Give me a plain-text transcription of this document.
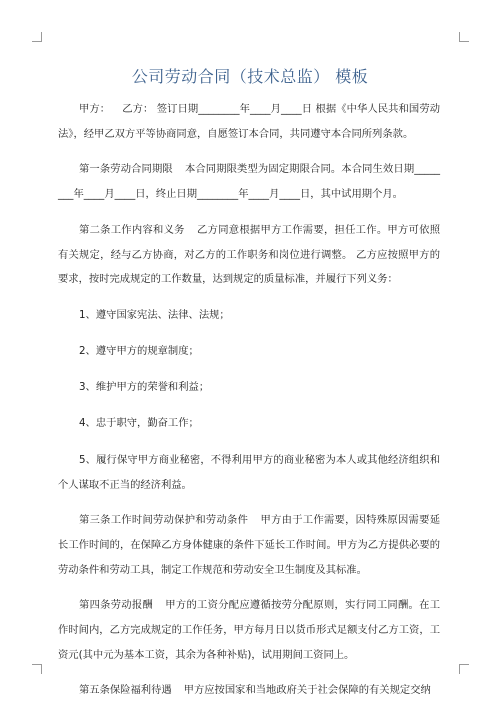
公司劳动合同（技术总监） 模板

甲方： 乙方： 签订日期________年____月____日 根据《中华人民共和国劳动法》，经甲乙双方平等协商同意，自愿签订本合同，共同遵守本合同所列条款。

第一条劳动合同期限 本合同期限类型为固定期限合同。本合同生效日期________年____月____日，终止日期________年____月____日，其中试用期个月。

第二条工作内容和义务 乙方同意根据甲方工作需要，担任工作。甲方可依照有关规定，经与乙方协商，对乙方的工作职务和岗位进行调整。 乙方应按照甲方的要求，按时完成规定的工作数量，达到规定的质量标准，并履行下列义务：

1、遵守国家宪法、法律、法规；

2、遵守甲方的规章制度；

3、维护甲方的荣誉和利益；

4、忠于职守，勤奋工作；

5、履行保守甲方商业秘密，不得利用甲方的商业秘密为本人或其他经济组织和个人谋取不正当的经济利益。

第三条工作时间劳动保护和劳动条件 甲方由于工作需要，因特殊原因需要延长工作时间的，在保障乙方身体健康的条件下延长工作时间。甲方为乙方提供必要的劳动条件和劳动工具，制定工作规范和劳动安全卫生制度及其标准。

第四条劳动报酬 甲方的工资分配应遵循按劳分配原则，实行同工同酬。在工作时间内，乙方完成规定的工作任务，甲方每月日以货币形式足额支付乙方工资，工资元(其中元为基本工资，其余为各种补贴)，试用期间工资同上。

第五条保险福利待遇 甲方应按国家和当地政府关于社会保障的有关规定交纳
